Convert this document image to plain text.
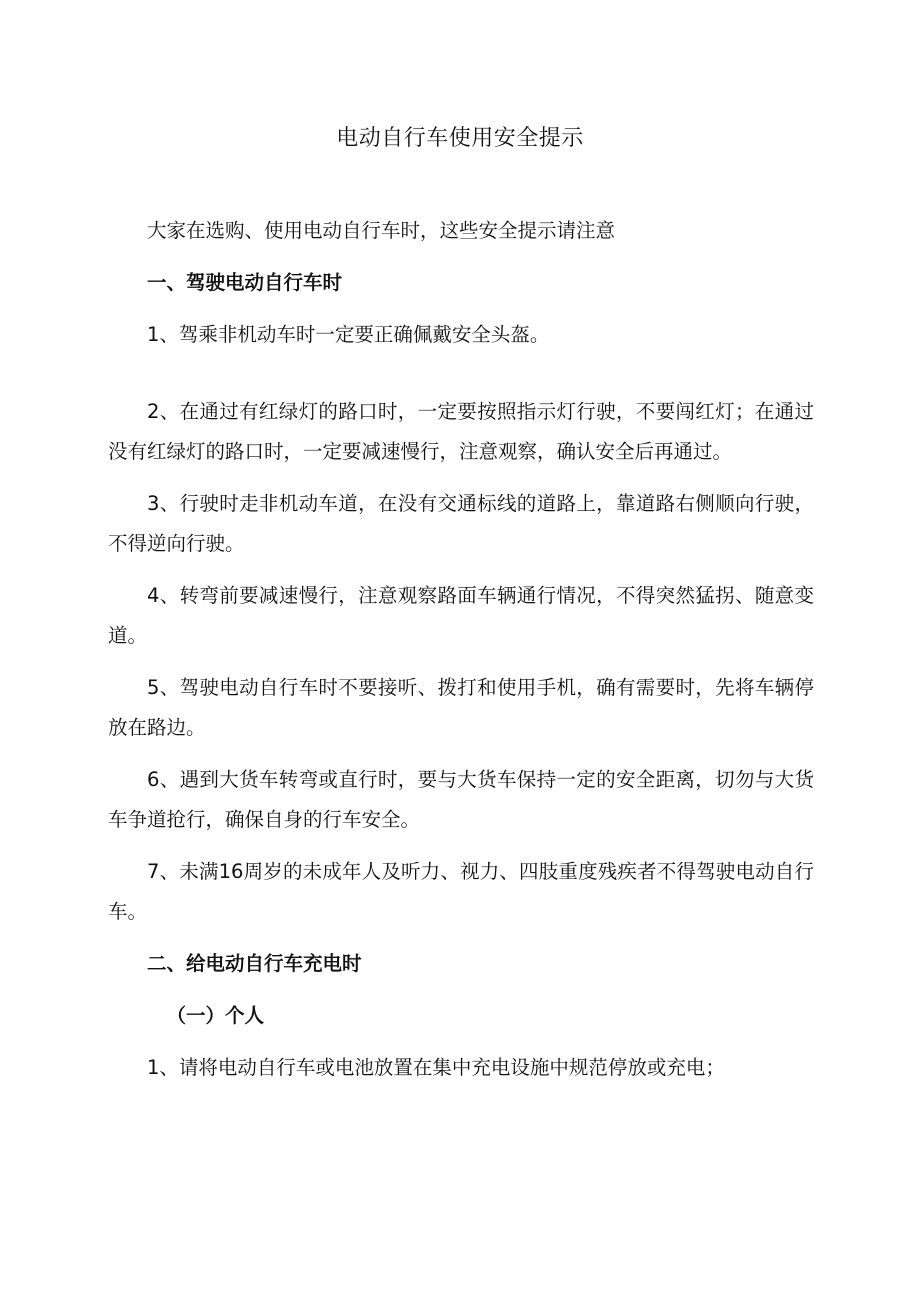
电动自行车使用安全提示

大家在选购、使用电动自行车时，这些安全提示请注意

一、驾驶电动自行车时

1、驾乘非机动车时一定要正确佩戴安全头盔。

2、在通过有红绿灯的路口时，一定要按照指示灯行驶，不要闯红灯；在通过没有红绿灯的路口时，一定要减速慢行，注意观察，确认安全后再通过。

3、行驶时走非机动车道，在没有交通标线的道路上，靠道路右侧顺向行驶，不得逆向行驶。

4、转弯前要减速慢行，注意观察路面车辆通行情况，不得突然猛拐、随意变道。

5、驾驶电动自行车时不要接听、拨打和使用手机，确有需要时，先将车辆停放在路边。

6、遇到大货车转弯或直行时，要与大货车保持一定的安全距离，切勿与大货车争道抢行，确保自身的行车安全。

7、未满16周岁的未成年人及听力、视力、四肢重度残疾者不得驾驶电动自行车。

二、给电动自行车充电时

（一）个人

1、请将电动自行车或电池放置在集中充电设施中规范停放或充电；
